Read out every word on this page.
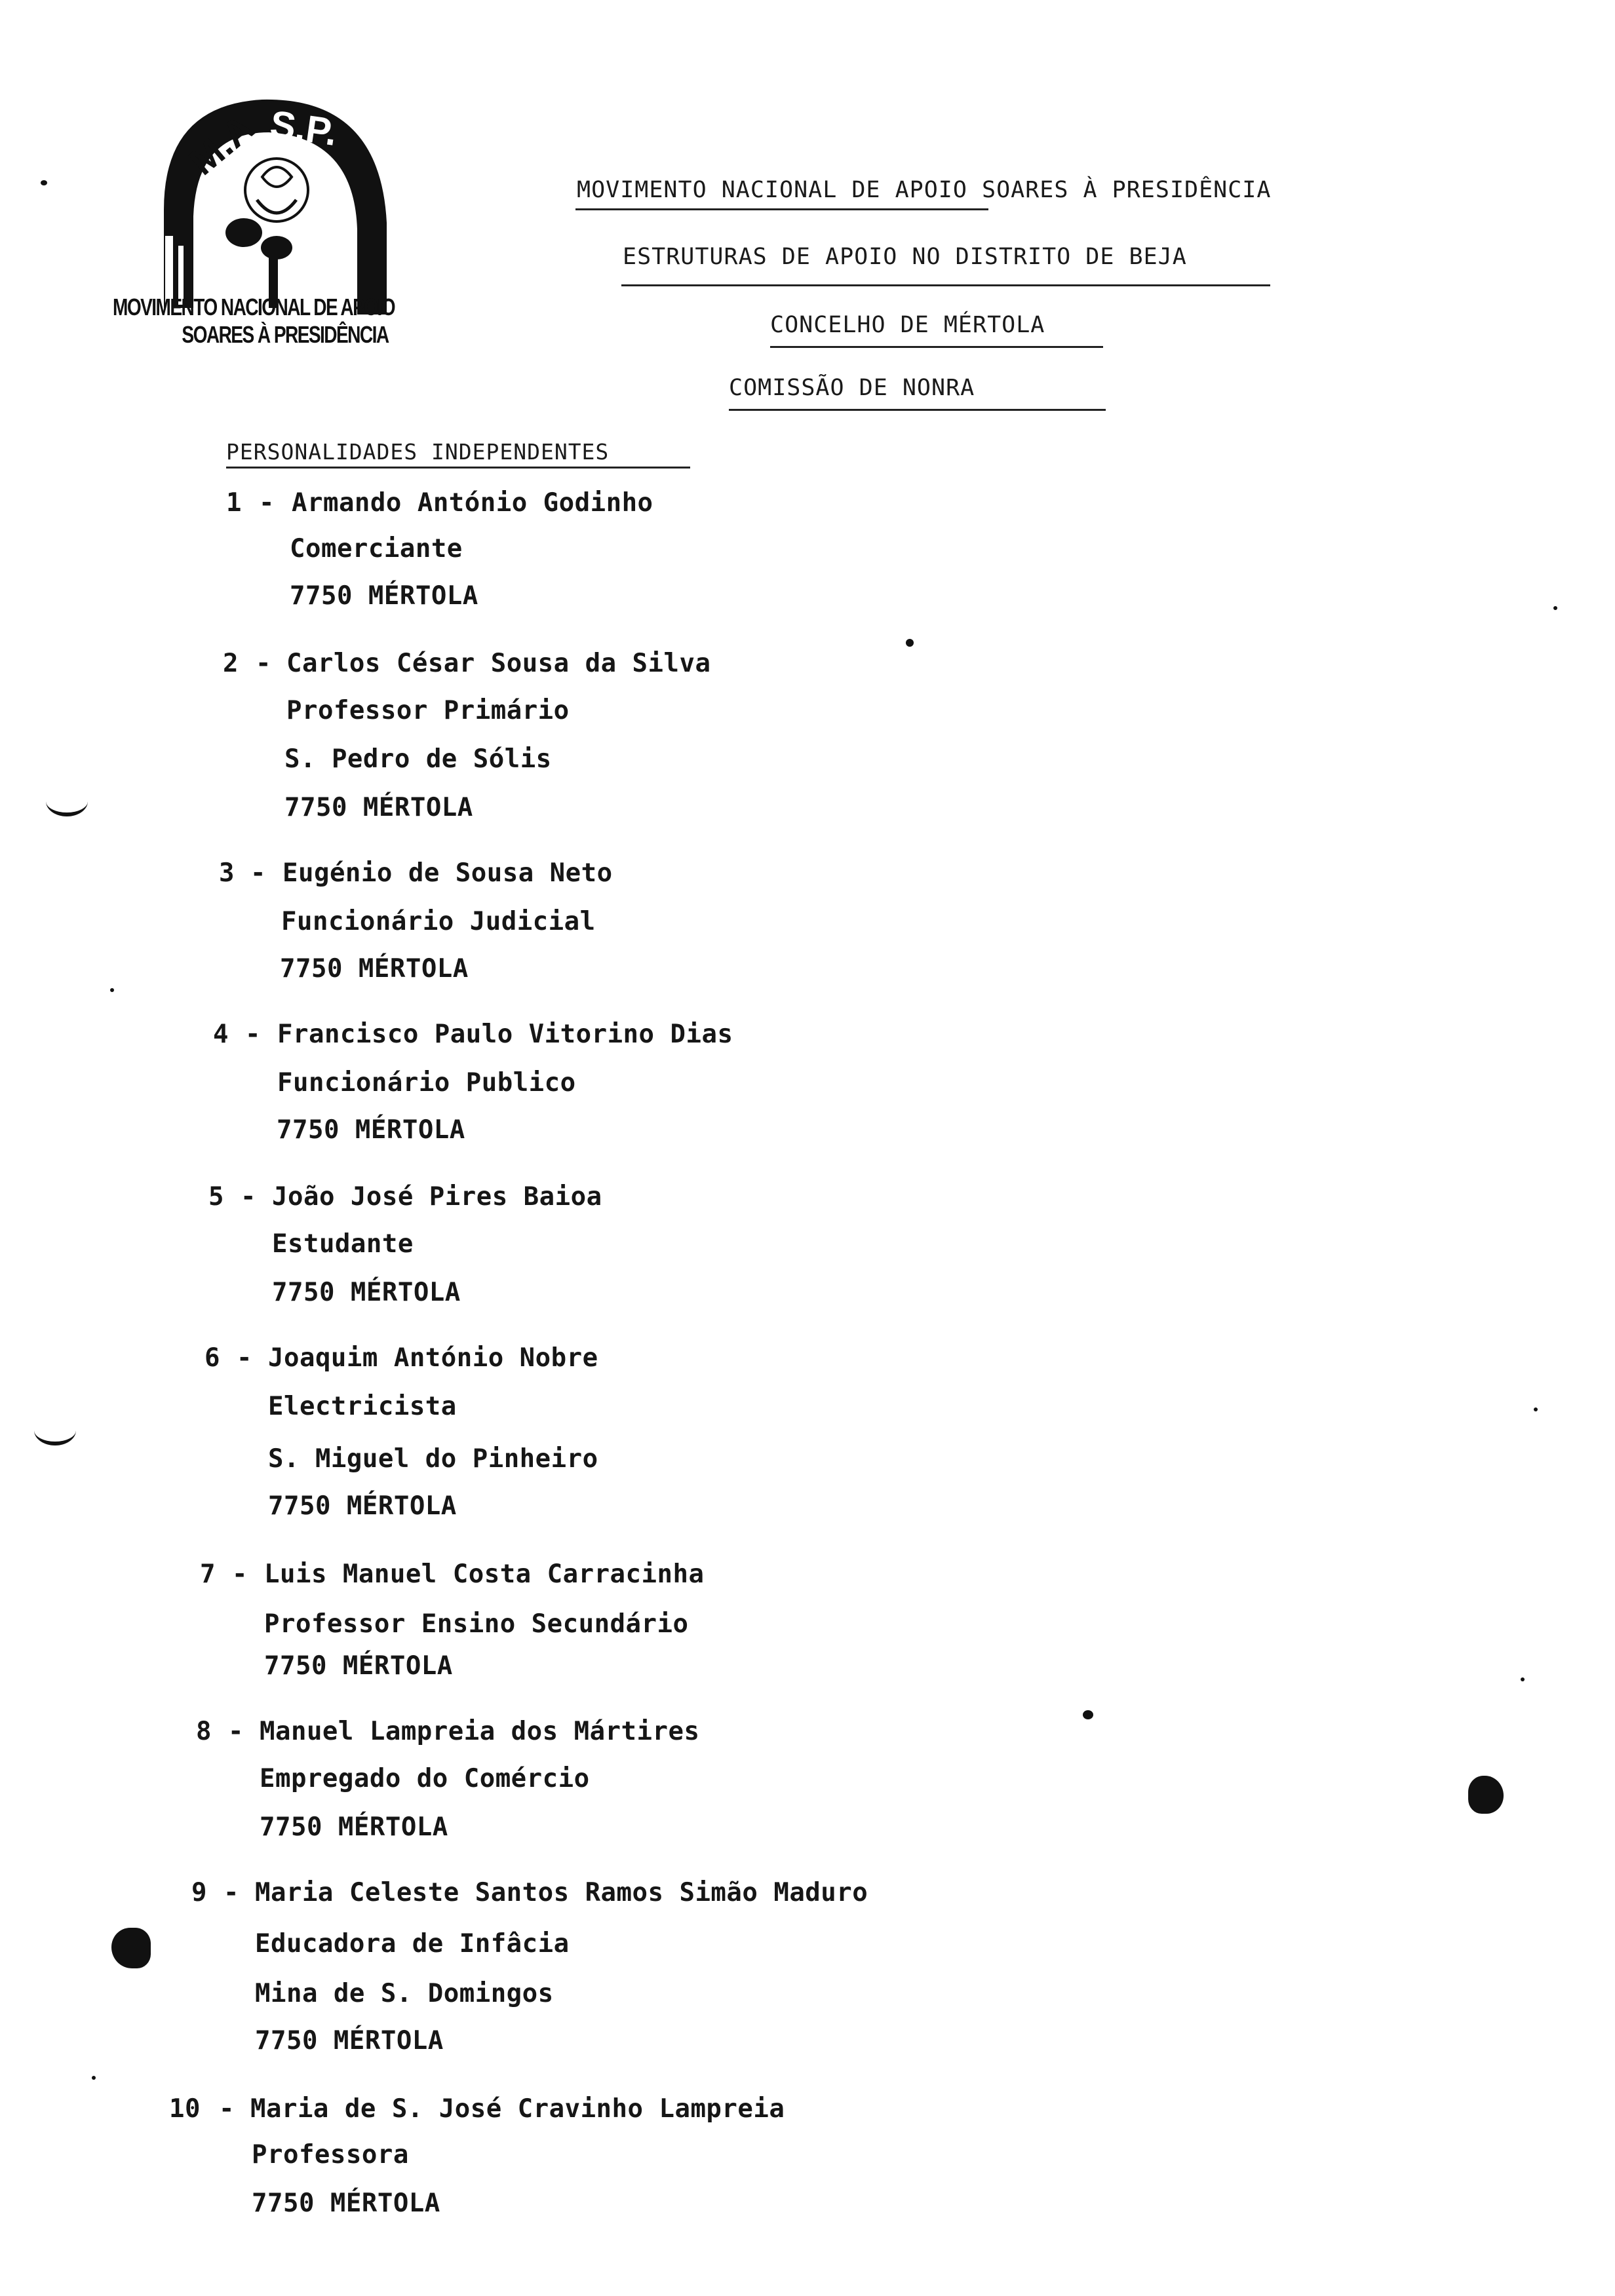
M.A S.P.
MOVIMENTO NACIONAL DE APOIO
SOARES À PRESIDÊNCIA
MOVIMENTO NACIONAL DE APOIO SOARES À PRESIDÊNCIA
ESTRUTURAS DE APOIO NO DISTRITO DE BEJA
CONCELHO DE MÉRTOLA
COMISSÃO DE NONRA
PERSONALIDADES INDEPENDENTES
1 - Armando António Godinho
Comerciante
7750 MÉRTOLA
2 - Carlos César Sousa da Silva
Professor Primário
S. Pedro de Sólis
7750 MÉRTOLA
3 - Eugénio de Sousa Neto
Funcionário Judicial
7750 MÉRTOLA
4 - Francisco Paulo Vitorino Dias
Funcionário Publico
7750 MÉRTOLA
5 - João José Pires Baioa
Estudante
7750 MÉRTOLA
6 - Joaquim António Nobre
Electricista
S. Miguel do Pinheiro
7750 MÉRTOLA
7 - Luis Manuel Costa Carracinha
Professor Ensino Secundário
7750 MÉRTOLA
8 - Manuel Lampreia dos Mártires
Empregado do Comércio
7750 MÉRTOLA
9 - Maria Celeste Santos Ramos Simão Maduro
Educadora de Infâcia
Mina de S. Domingos
7750 MÉRTOLA
10 - Maria de S. José Cravinho Lampreia
Professora
7750 MÉRTOLA
